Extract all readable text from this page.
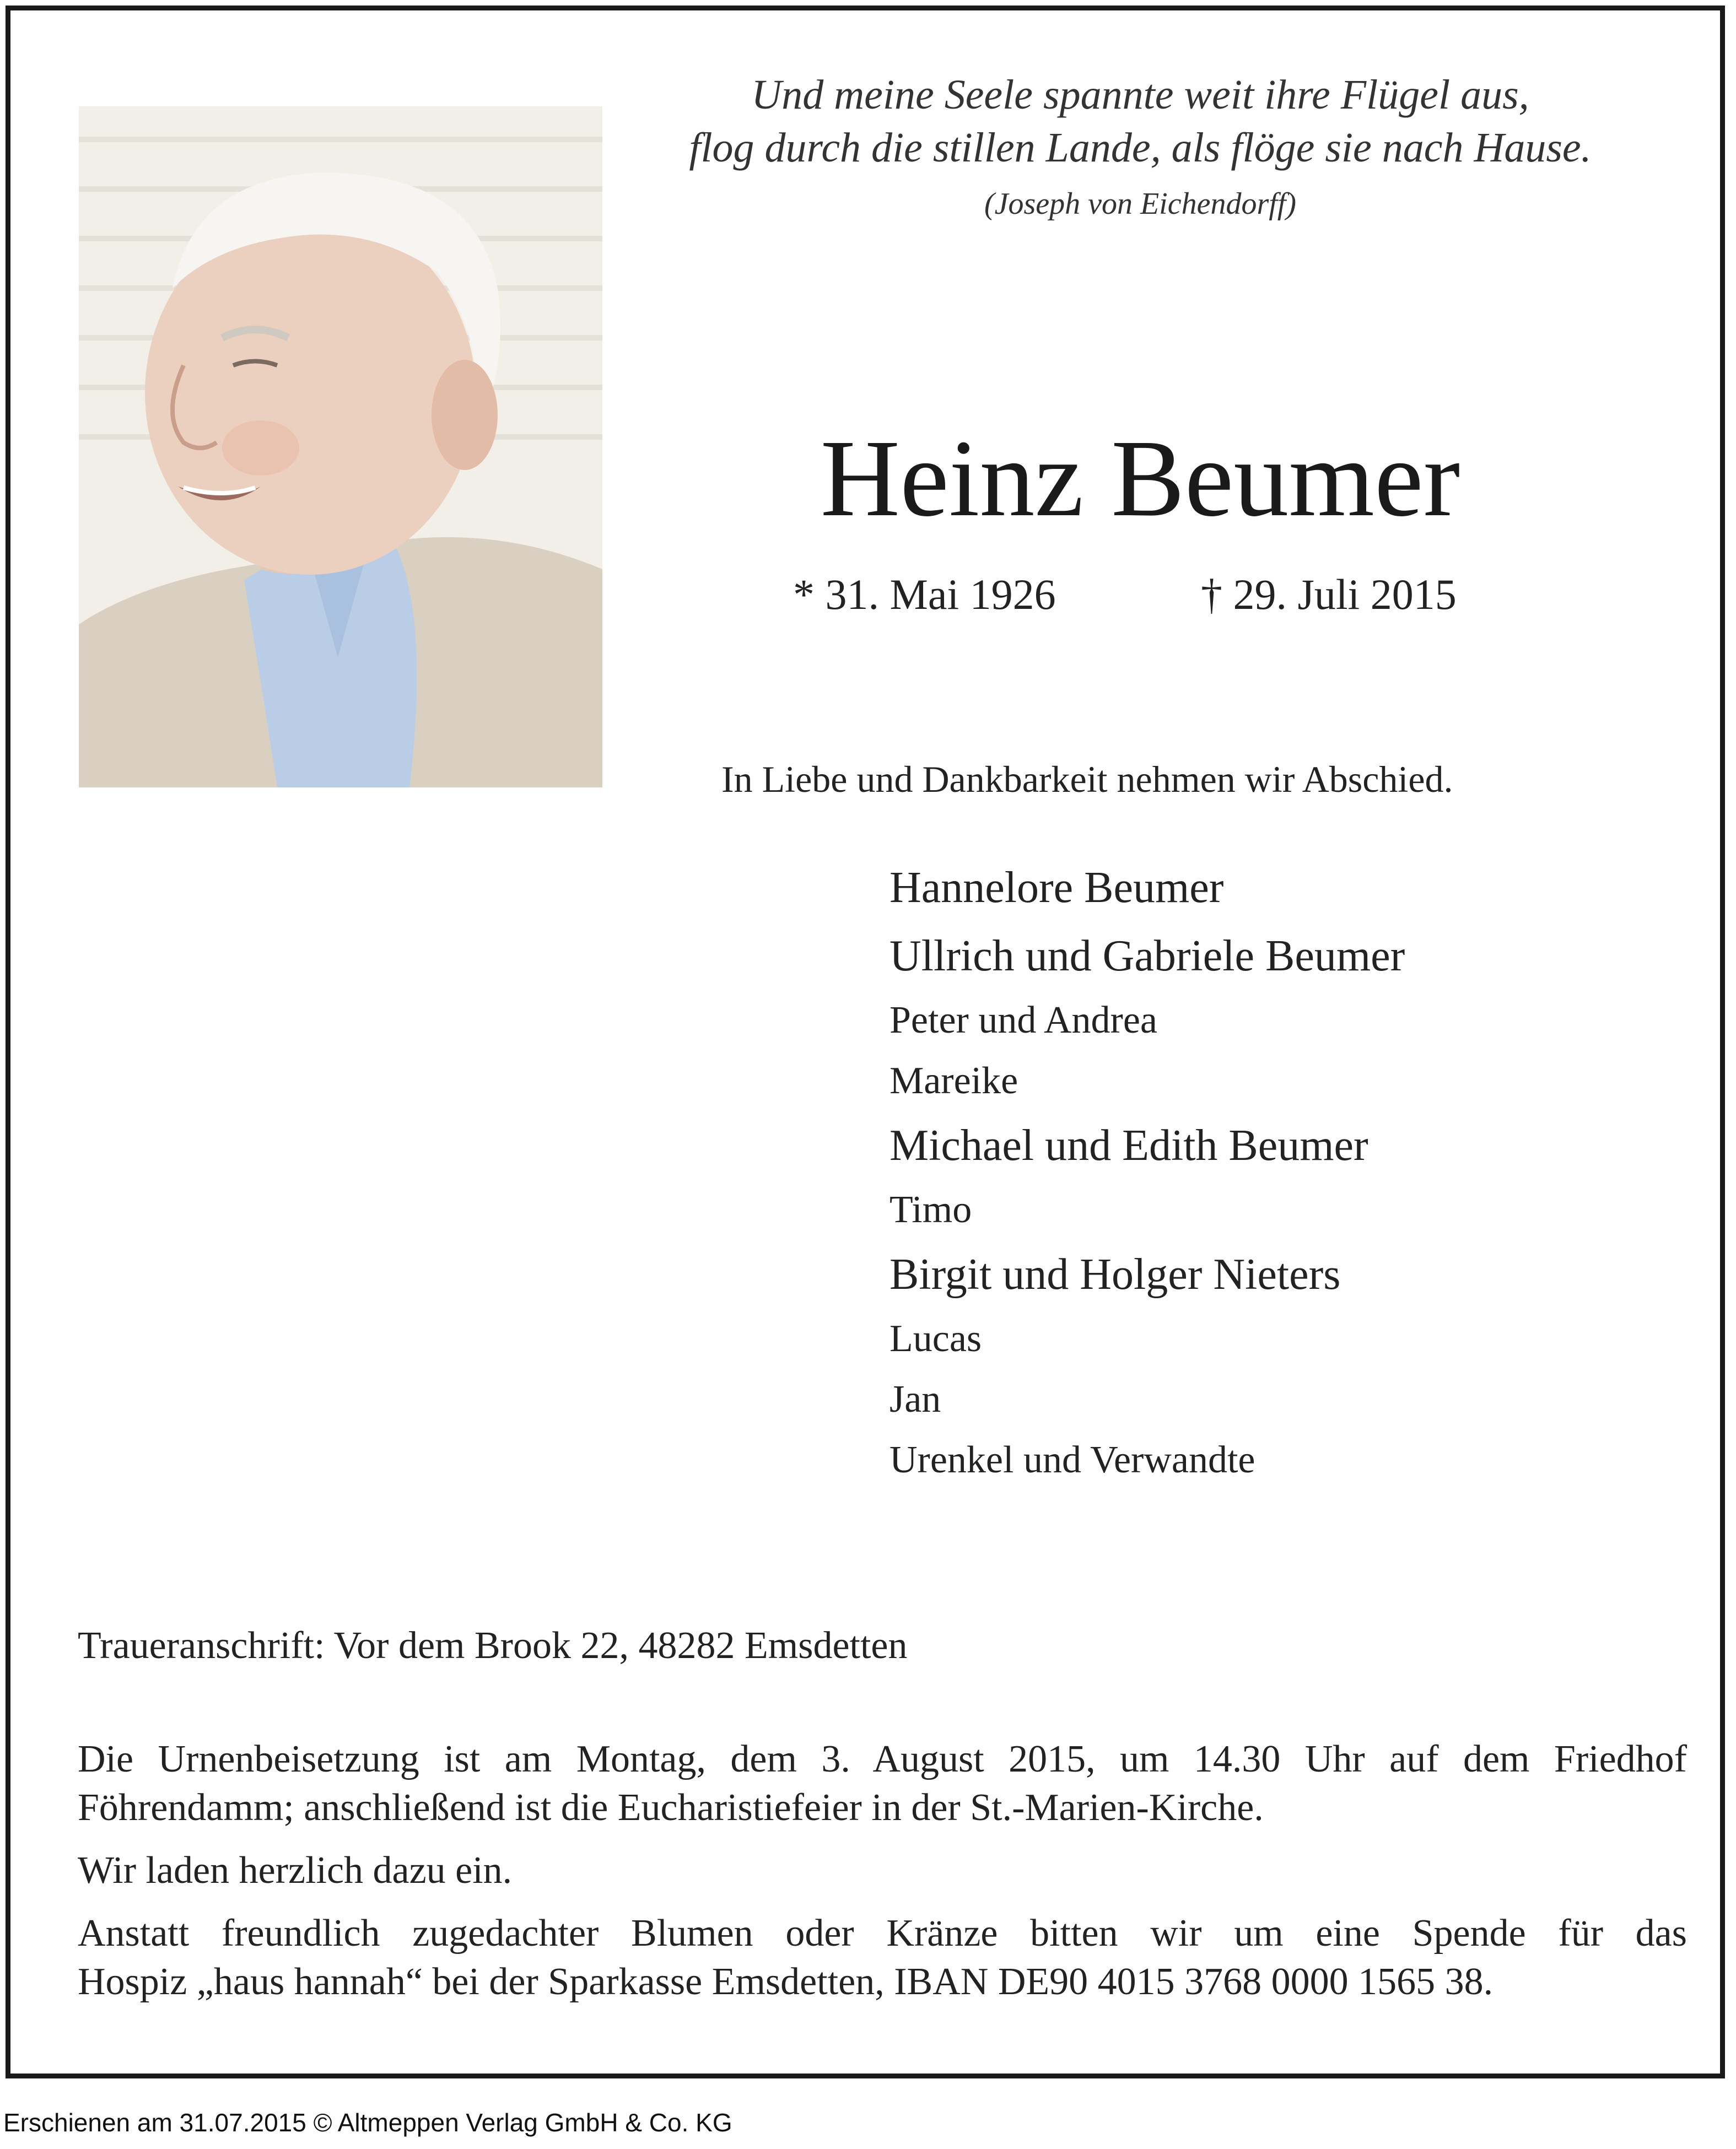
Und meine Seele spannte weit ihre Flügel aus,
flog durch die stillen Lande, als flöge sie nach Hause.
(Joseph von Eichendorff)
Heinz Beumer
* 31. Mai 1926	† 29. Juli 2015
In Liebe und Dankbarkeit nehmen wir Abschied.
Hannelore Beumer
Ullrich und Gabriele Beumer
Peter und Andrea
Mareike
Michael und Edith Beumer
Timo
Birgit und Holger Nieters
Lucas
Jan
Urenkel und Verwandte
Traueranschrift: Vor dem Brook 22, 48282 Emsdetten

Die Urnenbeisetzung ist am Montag, dem 3. August 2015, um 14.30 Uhr auf dem Friedhof
Föhrendamm; anschließend ist die Eucharistiefeier in der St.-Marien-Kirche.

Wir laden herzlich dazu ein.

Anstatt freundlich zugedachter Blumen oder Kränze bitten wir um eine Spende für das
Hospiz „haus hannah“ bei der Sparkasse Emsdetten, IBAN DE90 4015 3768 0000 1565 38.

Erschienen am 31.07.2015 © Altmeppen Verlag GmbH & Co. KG
